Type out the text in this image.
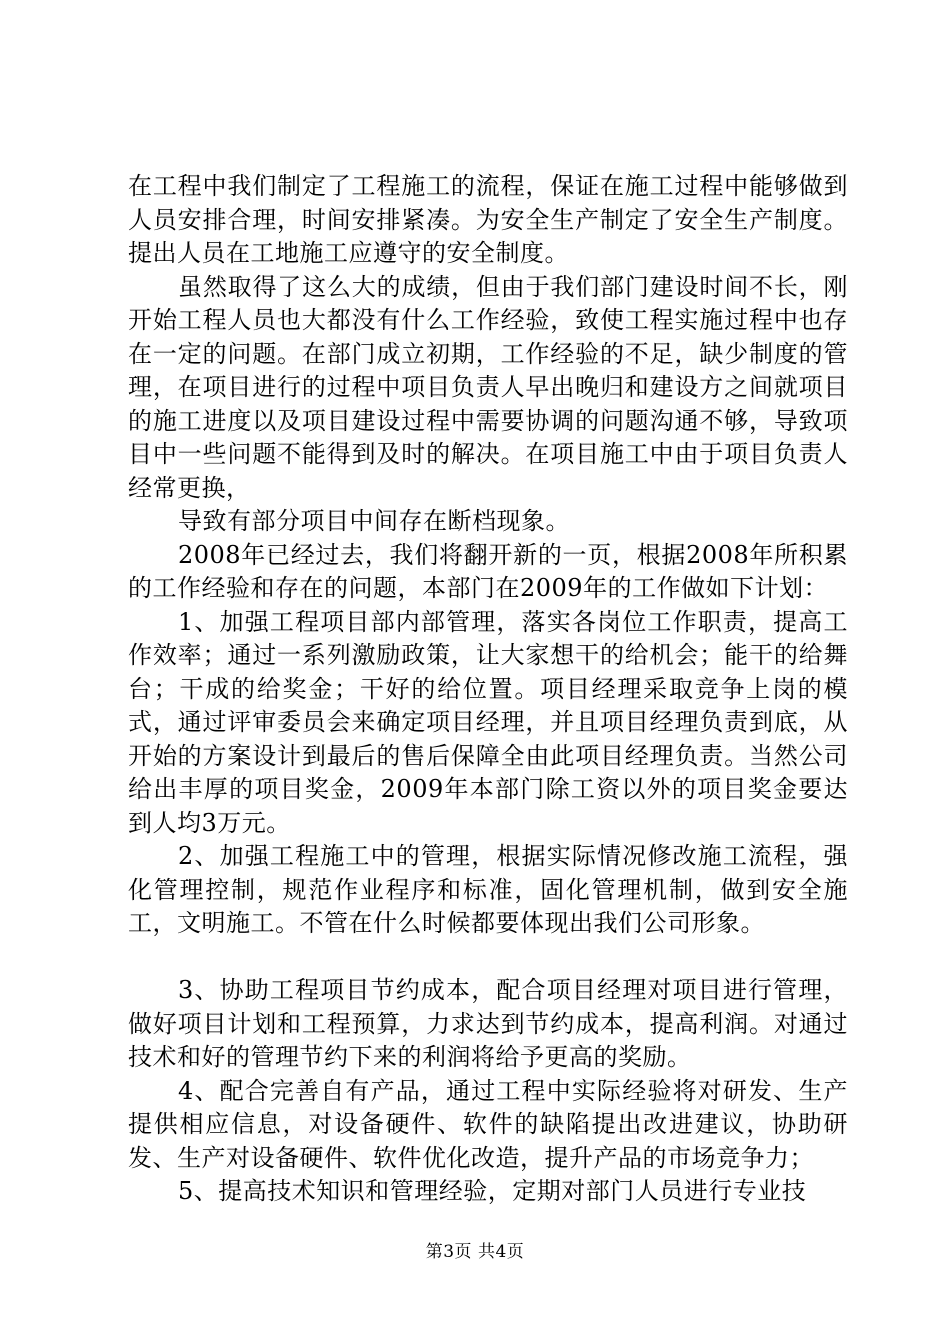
在工程中我们制定了工程施工的流程，保证在施工过程中能够做到人员安排合理，时间安排紧凑。为安全生产制定了安全生产制度。提出人员在工地施工应遵守的安全制度。

虽然取得了这么大的成绩，但由于我们部门建设时间不长，刚开始工程人员也大都没有什么工作经验，致使工程实施过程中也存在一定的问题。在部门成立初期，工作经验的不足，缺少制度的管理，在项目进行的过程中项目负责人早出晚归和建设方之间就项目的施工进度以及项目建设过程中需要协调的问题沟通不够，导致项目中一些问题不能得到及时的解决。在项目施工中由于项目负责人经常更换，

导致有部分项目中间存在断档现象。

2008年已经过去，我们将翻开新的一页，根据2008年所积累的工作经验和存在的问题，本部门在2009年的工作做如下计划：

1、加强工程项目部内部管理，落实各岗位工作职责，提高工作效率；通过一系列激励政策，让大家想干的给机会；能干的给舞台；干成的给奖金；干好的给位置。项目经理采取竞争上岗的模式，通过评审委员会来确定项目经理，并且项目经理负责到底，从开始的方案设计到最后的售后保障全由此项目经理负责。当然公司给出丰厚的项目奖金，2009年本部门除工资以外的项目奖金要达到人均3万元。

2、加强工程施工中的管理，根据实际情况修改施工流程，强化管理控制，规范作业程序和标准，固化管理机制，做到安全施工，文明施工。不管在什么时候都要体现出我们公司形象。

3、协助工程项目节约成本，配合项目经理对项目进行管理，做好项目计划和工程预算，力求达到节约成本，提高利润。对通过技术和好的管理节约下来的利润将给予更高的奖励。

4、配合完善自有产品，通过工程中实际经验将对研发、生产提供相应信息，对设备硬件、软件的缺陷提出改进建议，协助研发、生产对设备硬件、软件优化改造，提升产品的市场竞争力；

5、提高技术知识和管理经验，定期对部门人员进行专业技

第3页 共4页
